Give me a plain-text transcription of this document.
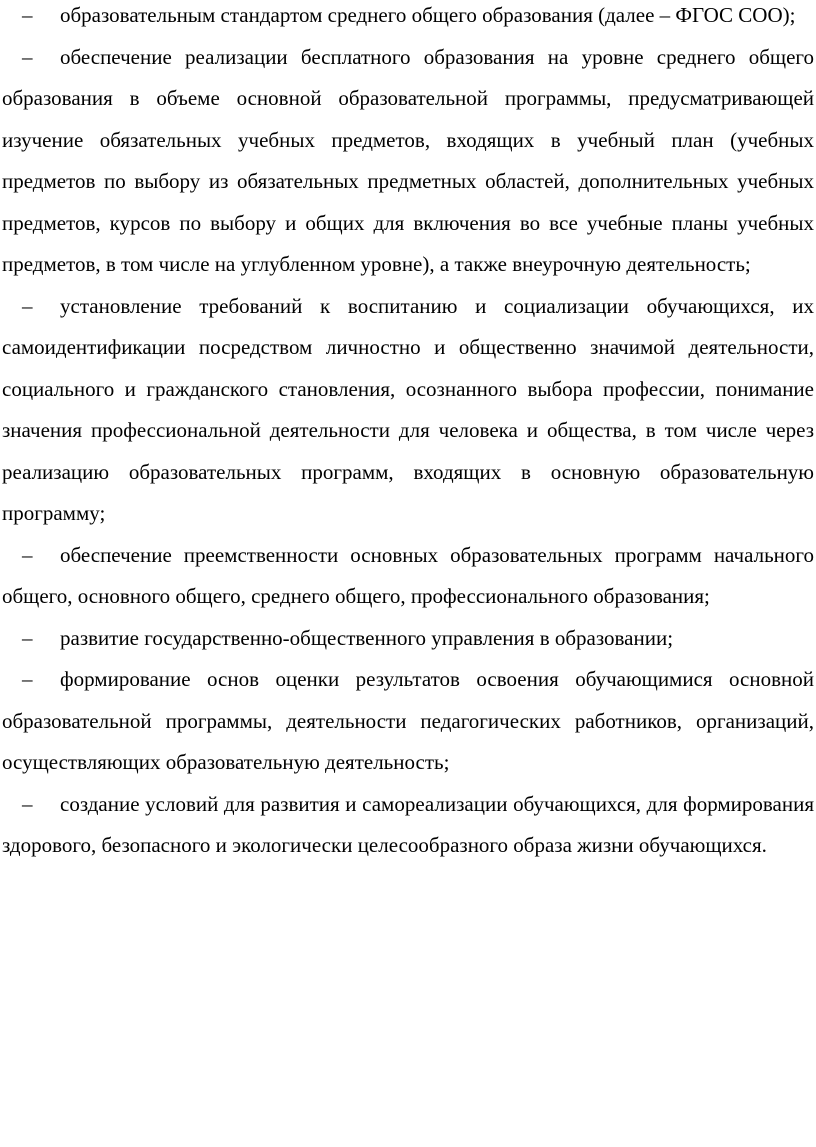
– образовательным стандартом среднего общего образования (далее – ФГОС СОО);

– обеспечение реализации бесплатного образования на уровне среднего общего образования в объеме основной образовательной программы, предусматривающей изучение обязательных учебных предметов, входящих в учебный план (учебных предметов по выбору из обязательных предметных областей, дополнительных учебных предметов, курсов по выбору и общих для включения во все учебные планы учебных предметов, в том числе на углубленном уровне), а также внеурочную деятельность;

– установление требований к воспитанию и социализации обучающихся, их самоидентификации посредством личностно и общественно значимой деятельности, социального и гражданского становления, осознанного выбора профессии, понимание значения профессиональной деятельности для человека и общества, в том числе через реализацию образовательных программ, входящих в основную образовательную программу;

– обеспечение преемственности основных образовательных программ начального общего, основного общего, среднего общего, профессионального образования;

– развитие государственно-общественного управления в образовании;

– формирование основ оценки результатов освоения обучающимися основной образовательной программы, деятельности педагогических работников, организаций, осуществляющих образовательную деятельность;

– создание условий для развития и самореализации обучающихся, для формирования здорового, безопасного и экологически целесообразного образа жизни обучающихся.
